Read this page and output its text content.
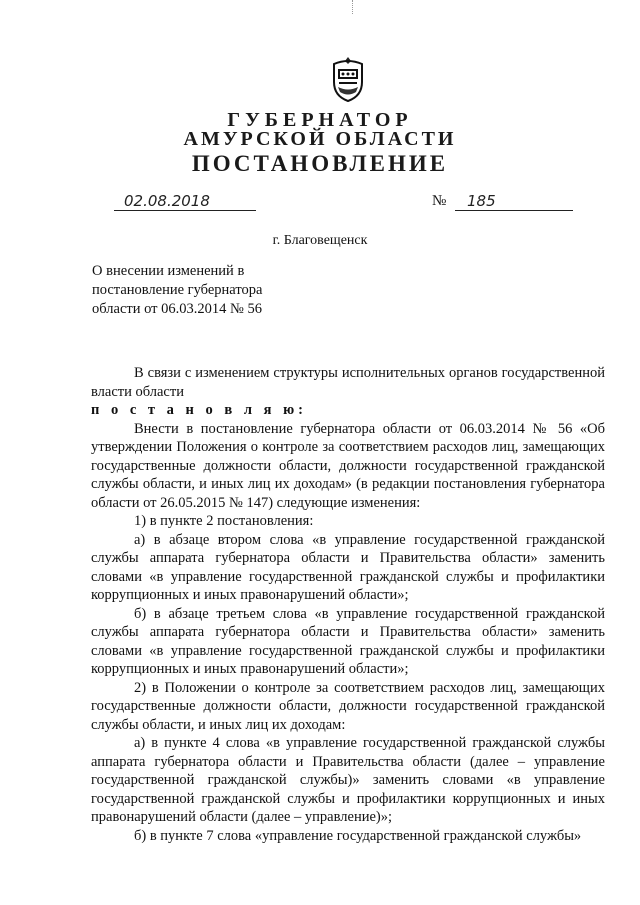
ГУБЕРНАТОР
АМУРСКОЙ ОБЛАСТИ
ПОСТАНОВЛЕНИЕ
02.08.2018	№	185
г. Благовещенск
О внесении изменений в
постановление губернатора
области от 06.03.2014 № 56

В связи с изменением структуры исполнительных органов государственной власти области

п о с т а н о в л я ю:

Внести в постановление губернатора области от 06.03.2014 № 56 «Об утверждении Положения о контроле за соответствием расходов лиц, замещающих государственные должности области, должности государственной гражданской службы области, и иных лиц их доходам» (в редакции постановления губернатора области от 26.05.2015 № 147) следующие изменения:

1) в пункте 2 постановления:

а) в абзаце втором слова «в управление государственной гражданской службы аппарата губернатора области и Правительства области» заменить словами «в управление государственной гражданской службы и профилактики коррупционных и иных правонарушений области»;

б) в абзаце третьем слова «в управление государственной гражданской службы аппарата губернатора области и Правительства области» заменить словами «в управление государственной гражданской службы и профилактики коррупционных и иных правонарушений области»;

2) в Положении о контроле за соответствием расходов лиц, замещающих государственные должности области, должности государственной гражданской службы области, и иных лиц их доходам:

а) в пункте 4 слова «в управление государственной гражданской службы аппарата губернатора области и Правительства области (далее – управление государственной гражданской службы)» заменить словами «в управление государственной гражданской службы и профилактики коррупционных и иных правонарушений области (далее – управление)»;

б) в пункте 7 слова «управление государственной гражданской службы»
